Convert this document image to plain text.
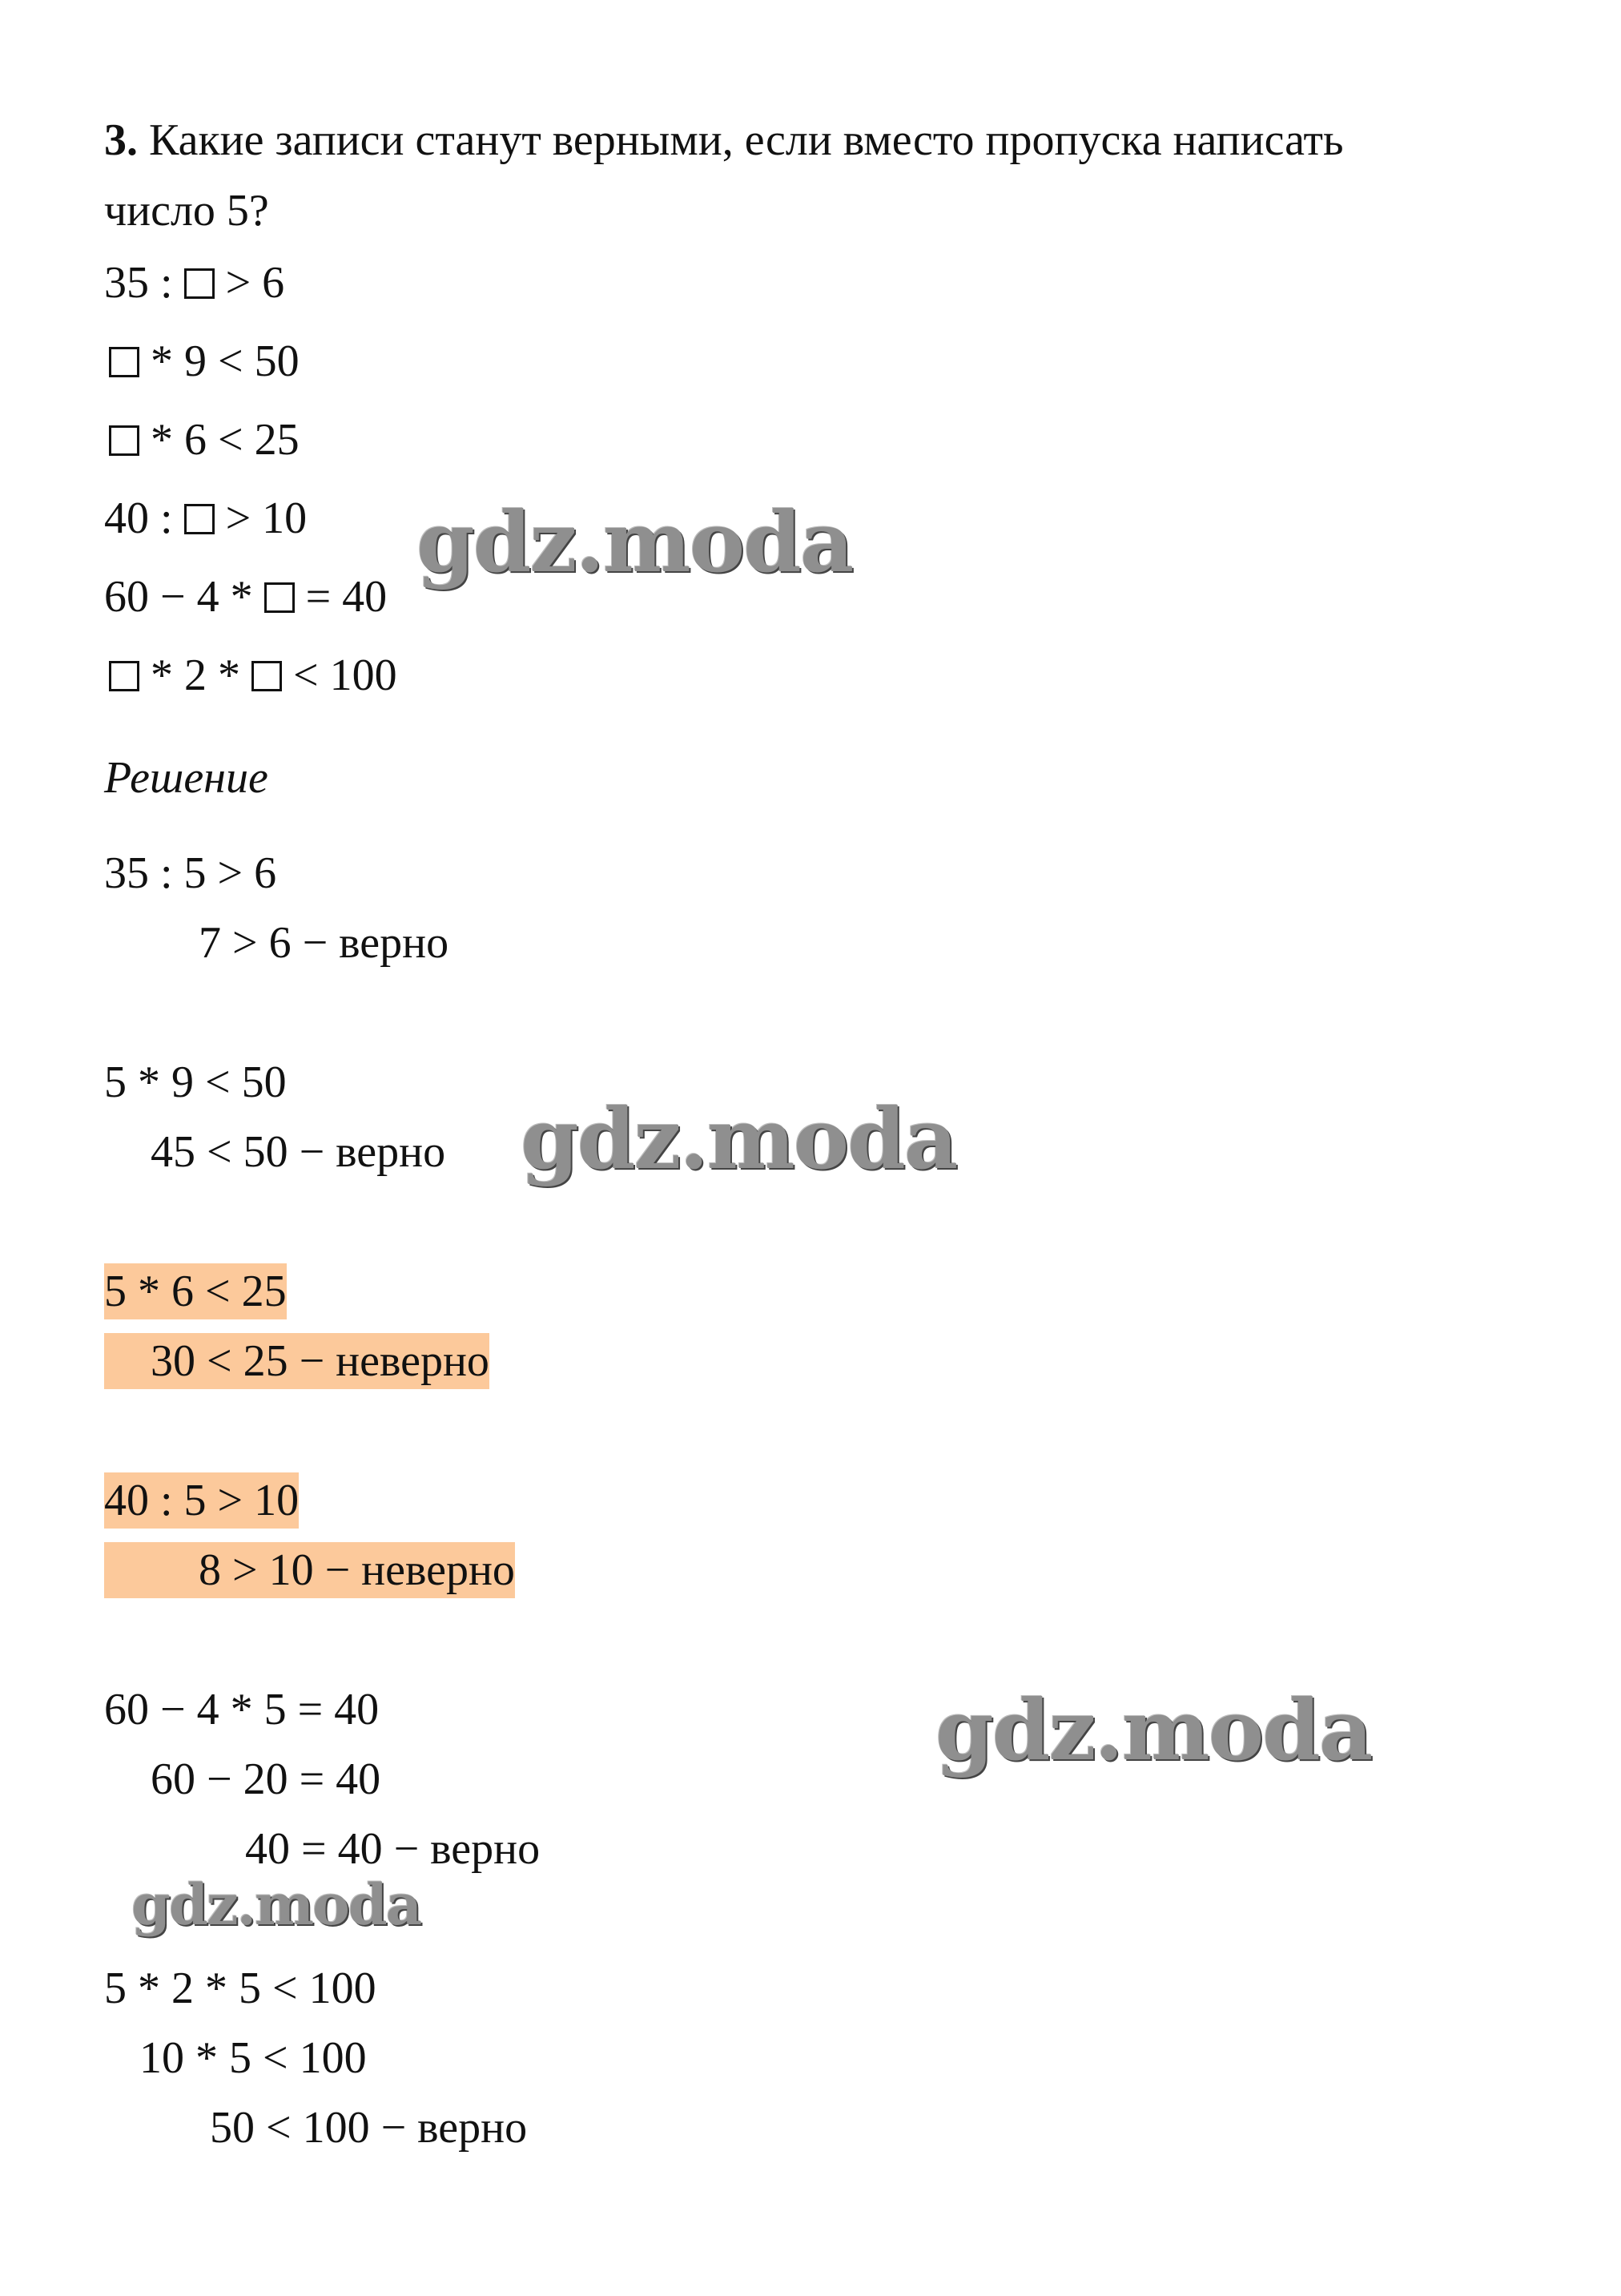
3. Какие записи станут верными, если вместо пропуска написать
число 5?
35 :  > 6
* 9 < 50
* 6 < 25
40 :  > 10
60 − 4 *  = 40
* 2 *  < 100
Решение
35 : 5 > 6
7 > 6 − верно
5 * 9 < 50
45 < 50 − верно
5 * 6 < 25
30 < 25 − неверно
40 : 5 > 10
8 > 10 − неверно
60 − 4 * 5 = 40
60 − 20 = 40
40 = 40 − верно
5 * 2 * 5 < 100
10 * 5 < 100
50 < 100 − верно
gdz.moda
gdz.moda
gdz.moda
gdz.moda
